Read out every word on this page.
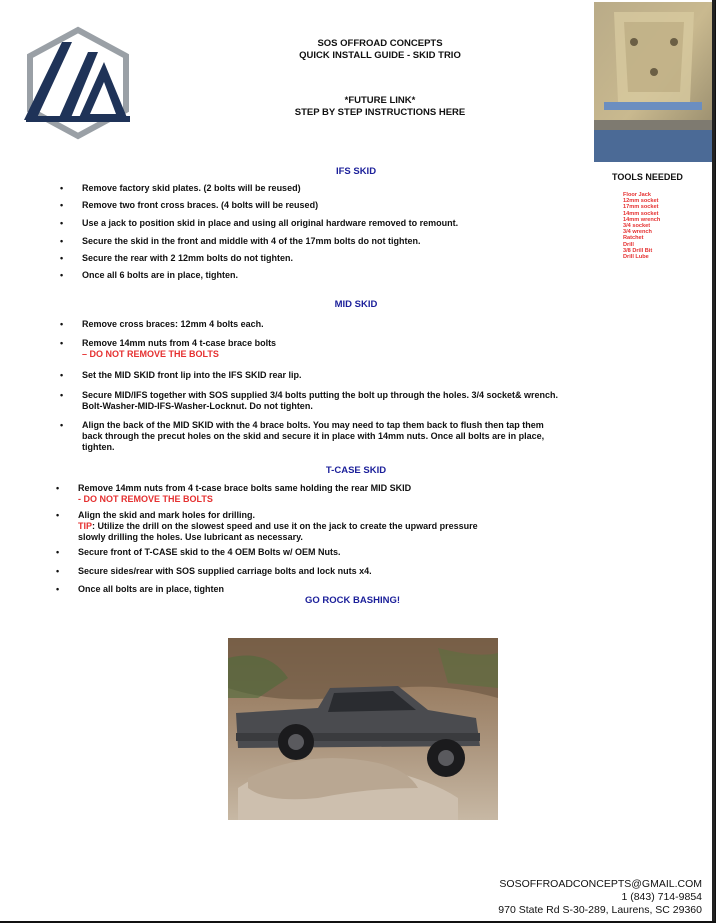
SOS OFFROAD CONCEPTS
QUICK INSTALL GUIDE - SKID TRIO
*FUTURE LINK*
STEP BY STEP INSTRUCTIONS HERE
TOOLS NEEDED
Floor Jack
12mm socket
17mm socket
14mm socket
14mm wrench
3/4 socket
3/4 wrench
Ratchet
Drill
3/8 Drill Bit
Drill Lube
IFS SKID
• Remove factory skid plates. (2 bolts will be reused)
• Remove two front cross braces. (4 bolts will be reused)
• Use a jack to position skid in place and using all original hardware removed to remount.
• Secure the skid in the front and middle with 4 of the 17mm bolts do not tighten.
• Secure the rear with 2 12mm bolts do not tighten.
• Once all 6 bolts are in place, tighten.
MID SKID
• Remove cross braces: 12mm 4 bolts each.
• Remove 14mm nuts from 4 t-case brace bolts
– DO NOT REMOVE THE BOLTS
• Set the MID SKID front lip into the IFS SKID rear lip.
• Secure MID/IFS together with SOS supplied 3/4 bolts putting the bolt up through the holes. 3/4 socket& wrench.
Bolt-Washer-MID-IFS-Washer-Locknut. Do not tighten.
• Align the back of the MID SKID with the 4 brace bolts. You may need to tap them back to flush then tap them
back through the precut holes on the skid and secure it in place with 14mm nuts. Once all bolts are in place,
tighten.
T-CASE SKID
• Remove 14mm nuts from 4 t-case brace bolts same holding the rear MID SKID
- DO NOT REMOVE THE BOLTS
• Align the skid and mark holes for drilling.
TIP: Utilize the drill on the slowest speed and use it on the jack to create the upward pressure
slowly drilling the holes. Use lubricant as necessary.
• Secure front of T-CASE skid to the 4 OEM Bolts w/ OEM Nuts.
• Secure sides/rear with SOS supplied carriage bolts and lock nuts x4.
• Once all bolts are in place, tighten
GO ROCK BASHING!
SOSOFFROADCONCEPTS@GMAIL.COM
1 (843) 714-9854
970 State Rd S-30-289, Laurens, SC 29360
